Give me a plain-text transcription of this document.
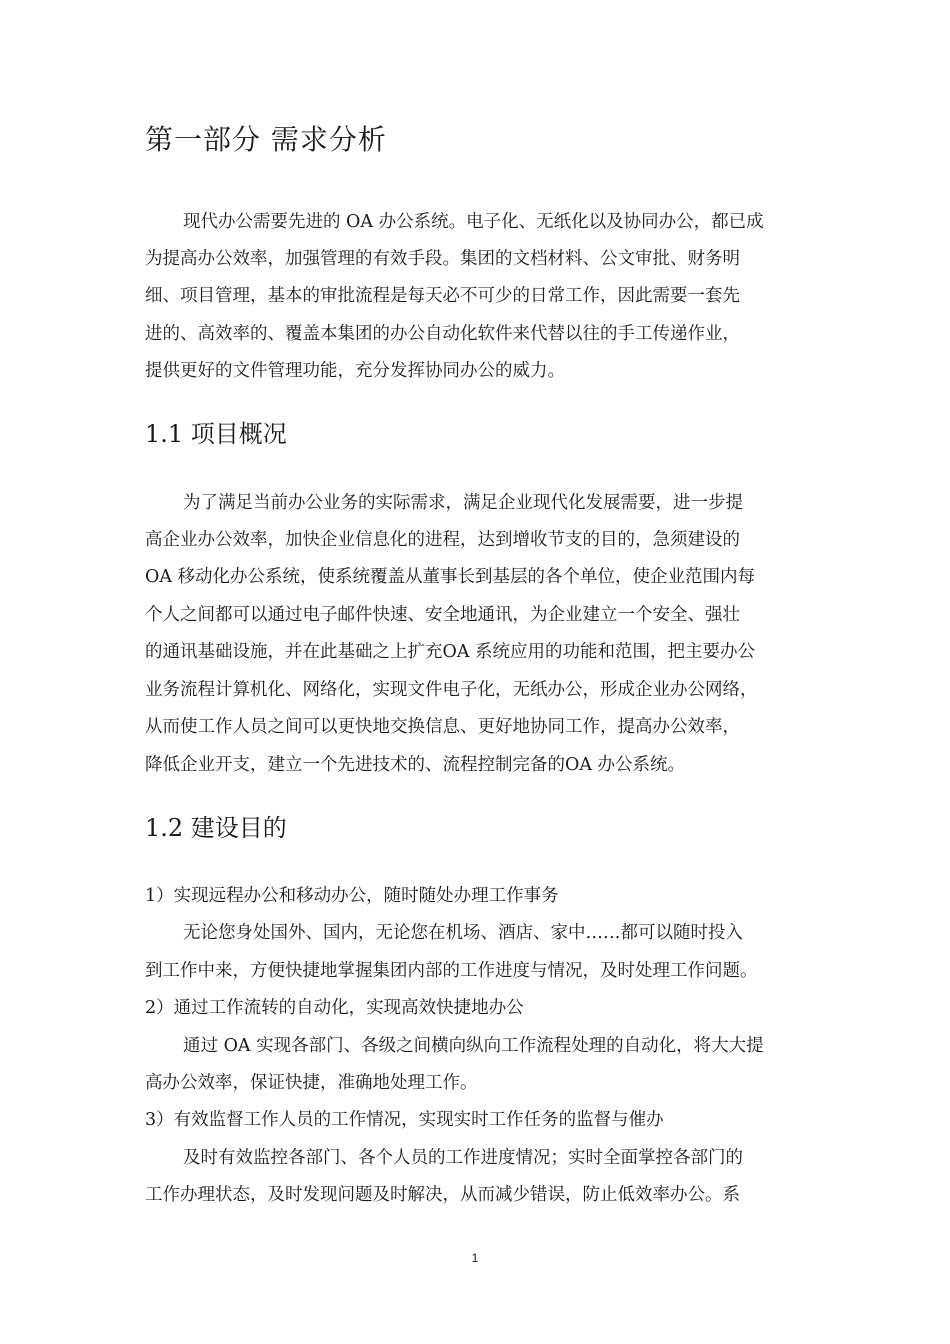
第一部分 需求分析
现代办公需要先进的 OA 办公系统。电子化、无纸化以及协同办公，都已成
为提高办公效率，加强管理的有效手段。集团的文档材料、公文审批、财务明
细、项目管理，基本的审批流程是每天必不可少的日常工作，因此需要一套先
进的、高效率的、覆盖本集团的办公自动化软件来代替以往的手工传递作业，
提供更好的文件管理功能，充分发挥协同办公的威力。
1.1 项目概况
为了满足当前办公业务的实际需求，满足企业现代化发展需要，进一步提
高企业办公效率，加快企业信息化的进程，达到增收节支的目的，急须建设的
OA 移动化办公系统，使系统覆盖从董事长到基层的各个单位，使企业范围内每
个人之间都可以通过电子邮件快速、安全地通讯，为企业建立一个安全、强壮
的通讯基础设施，并在此基础之上扩充OA 系统应用的功能和范围，把主要办公
业务流程计算机化、网络化，实现文件电子化，无纸办公，形成企业办公网络，
从而使工作人员之间可以更快地交换信息、更好地协同工作，提高办公效率，
降低企业开支，建立一个先进技术的、流程控制完备的OA 办公系统。
1.2 建设目的
1）实现远程办公和移动办公，随时随处办理工作事务
无论您身处国外、国内，无论您在机场、酒店、家中……都可以随时投入
到工作中来，方便快捷地掌握集团内部的工作进度与情况，及时处理工作问题。
2）通过工作流转的自动化，实现高效快捷地办公
通过 OA 实现各部门、各级之间横向纵向工作流程处理的自动化，将大大提
高办公效率，保证快捷，准确地处理工作。
3）有效监督工作人员的工作情况，实现实时工作任务的监督与催办
及时有效监控各部门、各个人员的工作进度情况；实时全面掌控各部门的
工作办理状态，及时发现问题及时解决，从而减少错误，防止低效率办公。系
1
